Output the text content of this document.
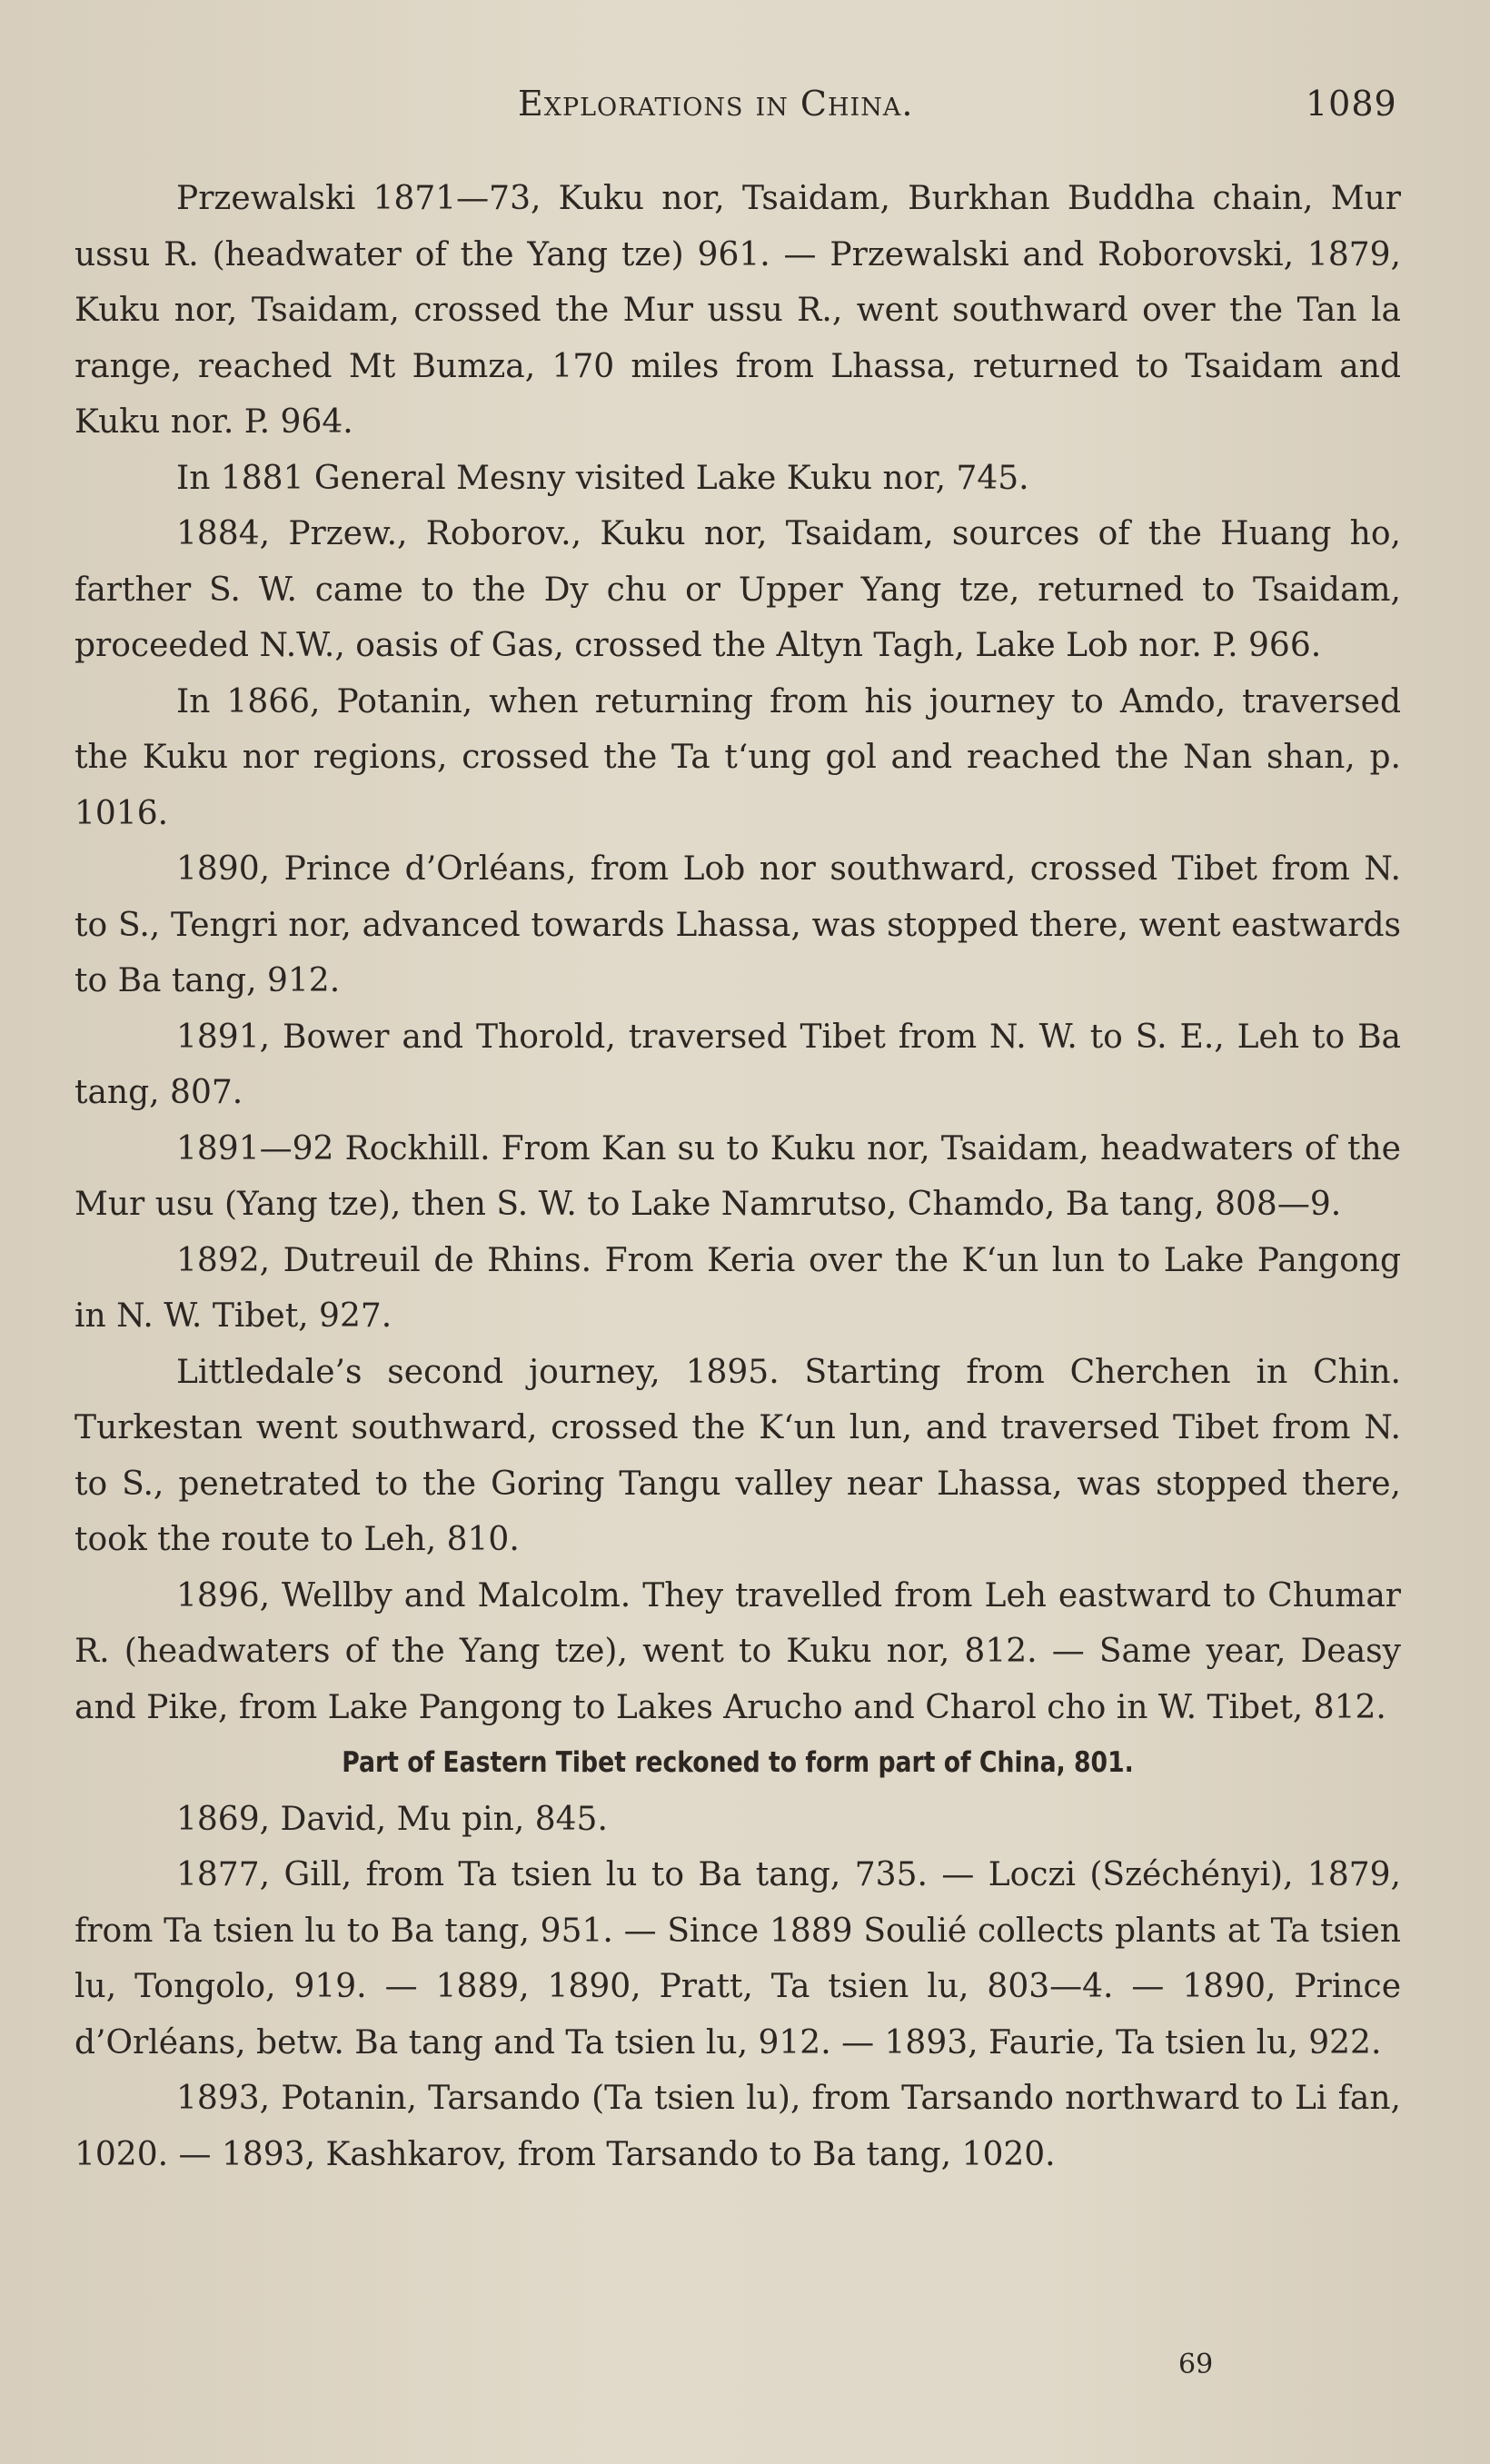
Explorations in China.	1089

Przewalski 1871—73, Kuku nor, Tsaidam, Burkhan Buddha chain, Mur ussu R. (headwater of the Yang tze) 961. — Przewalski and Roborovski, 1879, Kuku nor, Tsaidam, crossed the Mur ussu R., went southward over the Tan la range, reached Mt Bumza, 170 miles from Lhassa, returned to Tsaidam and Kuku nor. P. 964.

In 1881 General Mesny visited Lake Kuku nor, 745.

1884, Przew., Roborov., Kuku nor, Tsaidam, sources of the Huang ho, farther S. W. came to the Dy chu or Upper Yang tze, returned to Tsaidam, proceeded N.W., oasis of Gas, crossed the Altyn Tagh, Lake Lob nor. P. 966.

In 1866, Potanin, when returning from his journey to Amdo, traversed the Kuku nor regions, crossed the Ta t‘ung gol and reached the Nan shan, p. 1016.

1890, Prince d’Orléans, from Lob nor southward, crossed Tibet from N. to S., Tengri nor, advanced towards Lhassa, was stopped there, went eastwards to Ba tang, 912.

1891, Bower and Thorold, traversed Tibet from N. W. to S. E., Leh to Ba tang, 807.

1891—92 Rockhill. From Kan su to Kuku nor, Tsaidam, headwaters of the Mur usu (Yang tze), then S. W. to Lake Namrutso, Chamdo, Ba tang, 808—9.

1892, Dutreuil de Rhins. From Keria over the K‘un lun to Lake Pangong in N. W. Tibet, 927.

Littledale’s second journey, 1895. Starting from Cherchen in Chin. Turkestan went southward, crossed the K‘un lun, and traversed Tibet from N. to S., penetrated to the Goring Tangu valley near Lhassa, was stopped there, took the route to Leh, 810.

1896, Wellby and Malcolm. They travelled from Leh eastward to Chumar R. (headwaters of the Yang tze), went to Kuku nor, 812. — Same year, Deasy and Pike, from Lake Pangong to Lakes Arucho and Charol cho in W. Tibet, 812.

Part of Eastern Tibet reckoned to form part of China, 801.

1869, David, Mu pin, 845.

1877, Gill, from Ta tsien lu to Ba tang, 735. — Loczi (Széchényi), 1879, from Ta tsien lu to Ba tang, 951. — Since 1889 Soulié collects plants at Ta tsien lu, Tongolo, 919. — 1889, 1890, Pratt, Ta tsien lu, 803—4. — 1890, Prince d’Orléans, betw. Ba tang and Ta tsien lu, 912. — 1893, Faurie, Ta tsien lu, 922.

1893, Potanin, Tarsando (Ta tsien lu), from Tarsando northward to Li fan, 1020. — 1893, Kashkarov, from Tarsando to Ba tang, 1020.

69
